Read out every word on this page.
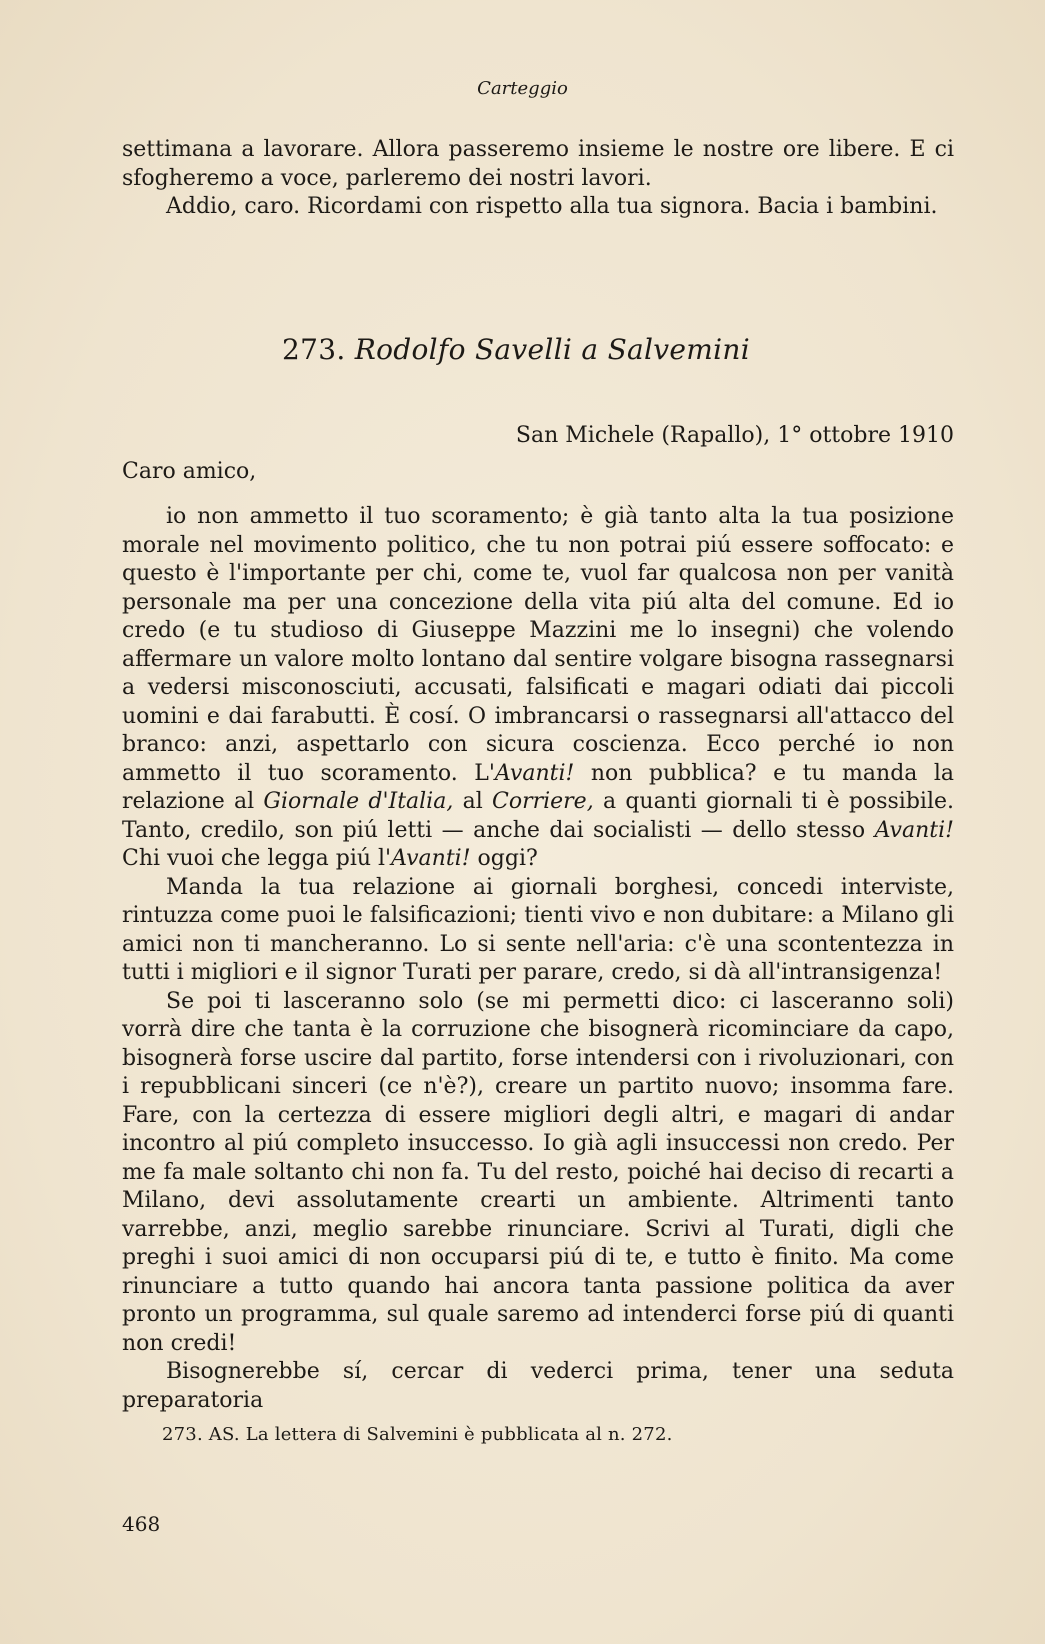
Carteggio

settimana a lavorare. Allora passeremo insieme le nostre ore libere. E ci sfogheremo a voce, parleremo dei nostri lavori.

Addio, caro. Ricordami con rispetto alla tua signora. Bacia i bambini.

273. Rodolfo Savelli a Salvemini
San Michele (Rapallo), 1° ottobre 1910
Caro amico,

io non ammetto il tuo scoramento; è già tanto alta la tua posizione morale nel movimento politico, che tu non potrai piú essere soffocato: e questo è l'importante per chi, come te, vuol far qualcosa non per vanità personale ma per una concezione della vita piú alta del comune. Ed io credo (e tu studioso di Giuseppe Mazzini me lo insegni) che volendo affermare un valore molto lontano dal sentire volgare bisogna rassegnarsi a vedersi misconosciuti, accusati, falsificati e magari odiati dai piccoli uomini e dai farabutti. È cosí. O imbrancarsi o rassegnarsi all'attacco del branco: anzi, aspettarlo con sicura coscienza. Ecco perché io non ammetto il tuo scoramento. L'Avanti! non pubblica? e tu manda la relazione al Giornale d'Italia, al Corriere, a quanti giornali ti è possibile. Tanto, credilo, son piú letti — anche dai socialisti — dello stesso Avanti! Chi vuoi che legga piú l'Avanti! oggi?

Manda la tua relazione ai giornali borghesi, concedi interviste, rintuzza come puoi le falsificazioni; tienti vivo e non dubitare: a Milano gli amici non ti mancheranno. Lo si sente nell'aria: c'è una scontentezza in tutti i migliori e il signor Turati per parare, credo, si dà all'intransigenza!

Se poi ti lasceranno solo (se mi permetti dico: ci lasceranno soli) vorrà dire che tanta è la corruzione che bisognerà ricominciare da capo, bisognerà forse uscire dal partito, forse intendersi con i rivoluzionari, con i repubblicani sinceri (ce n'è?), creare un partito nuovo; insomma fare. Fare, con la certezza di essere migliori degli altri, e magari di andar incontro al piú completo insuccesso. Io già agli insuccessi non credo. Per me fa male soltanto chi non fa. Tu del resto, poiché hai deciso di recarti a Milano, devi assolutamente crearti un ambiente. Altrimenti tanto varrebbe, anzi, meglio sarebbe rinunciare. Scrivi al Turati, digli che preghi i suoi amici di non occuparsi piú di te, e tutto è finito. Ma come rinunciare a tutto quando hai ancora tanta passione politica da aver pronto un programma, sul quale saremo ad intenderci forse piú di quanti non credi!

Bisognerebbe sí, cercar di vederci prima, tener una seduta preparatoria

273. AS. La lettera di Salvemini è pubblicata al n. 272.
468
